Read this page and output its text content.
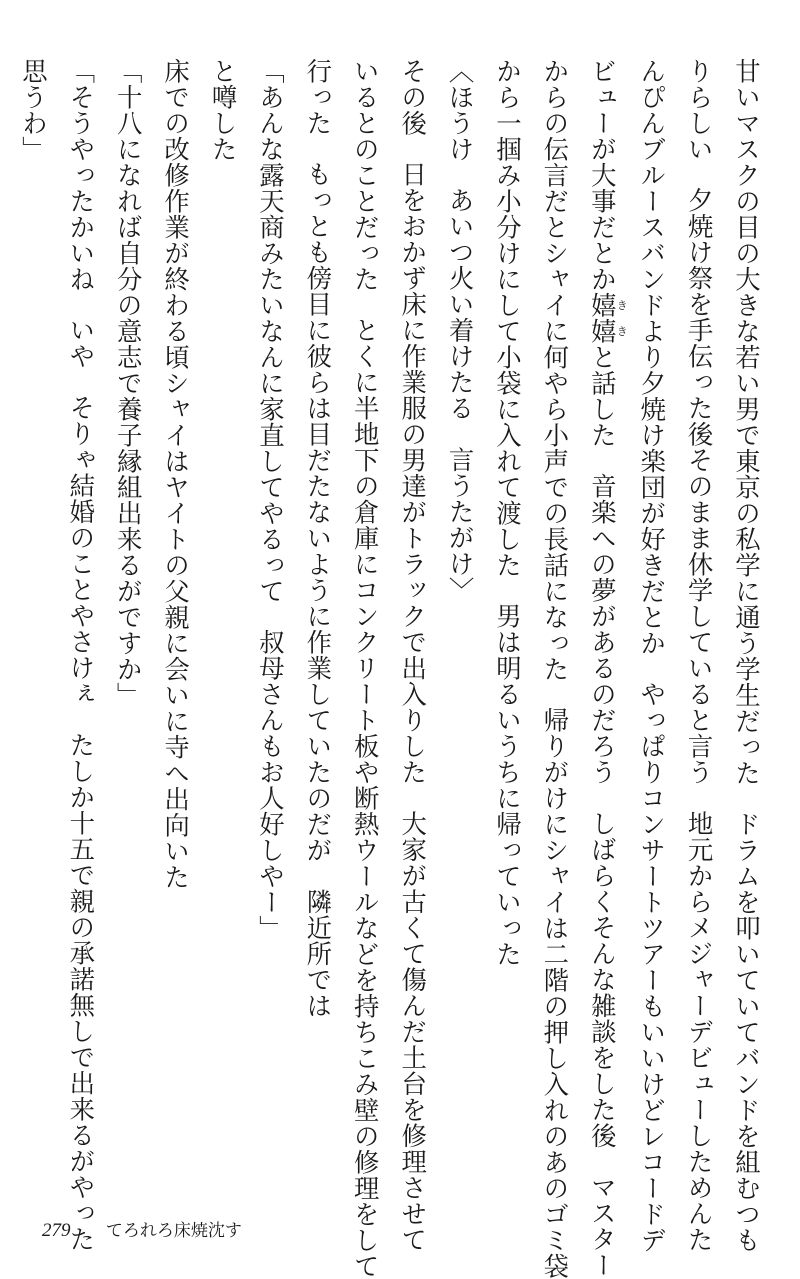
甘いマスクの目の大きな若い男で東京の私学に通う学生だった　ドラムを叩いていてバンドを組むつも
りらしい　夕焼け祭を手伝った後そのまま休学していると言う　地元からメジャーデビューしためんた
んぴんブルースバンドより夕焼け楽団が好きだとか　やっぱりコンサートツアーもいいけどレコードデ
ビューが大事だとか嬉嬉ききと話した　音楽への夢があるのだろう　しばらくそんな雑談をした後　マスター
からの伝言だとシャイに何やら小声での長話になった　帰りがけにシャイは二階の押し入れのあのゴミ袋
から一掴み小分けにして小袋に入れて渡した　男は明るいうちに帰っていった
〈ほうけ　あいつ火い着けたる　言うたがけ〉
その後　日をおかず床に作業服の男達がトラックで出入りした　大家が古くて傷んだ土台を修理させて
いるとのことだった　とくに半地下の倉庫にコンクリート板や断熱ウールなどを持ちこみ壁の修理をして
行った　もっとも傍目に彼らは目だたないように作業していたのだが　隣近所では
「あんな露天商みたいなんに家直してやるって　叔母さんもお人好しやー」
と噂した
床での改修作業が終わる頃シャイはヤイトの父親に会いに寺へ出向いた
「十八になれば自分の意志で養子縁組出来るがですか」
「そうやったかいね　いや　そりゃ結婚のことやさけぇ　たしか十五で親の承諾無しで出来るがやった
思うわ」
279 てろれろ床焼沈す
